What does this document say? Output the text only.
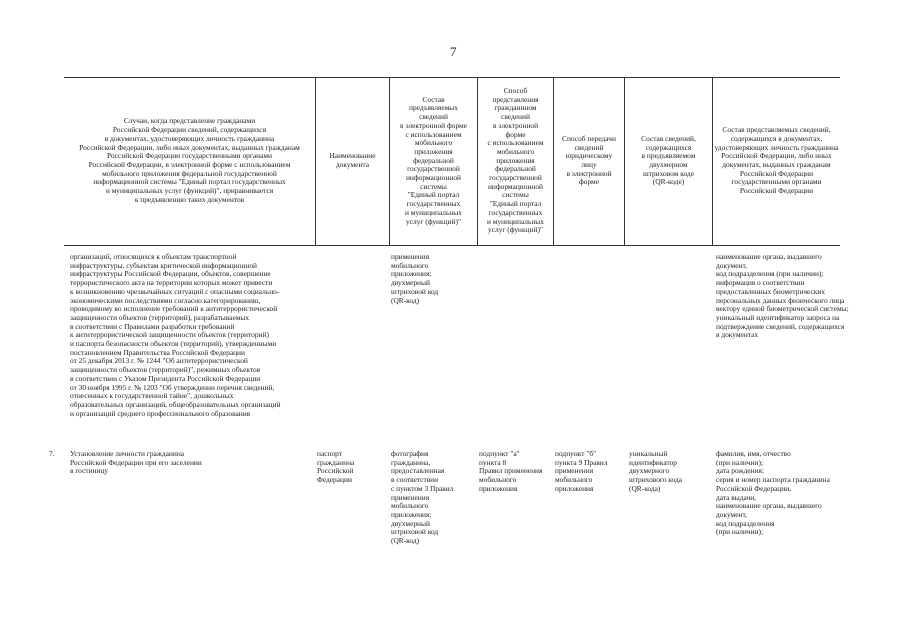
7
Случаи, когда представление гражданами
Российской Федерации сведений, содержащихся
в документах, удостоверяющих личность гражданина
Российской Федерации, либо иных документах, выданных гражданам
Российской Федерации государственными органами
Российской Федерации, в электронной форме с использованием
мобильного приложения федеральной государственной
информационной системы "Единый портал государственных
и муниципальных услуг (функций)", приравнивается
к предъявлению таких документов
Наименование
документа
Состав
предъявляемых
сведений
в электронной форме
с использованием
мобильного
приложения
федеральной
государственной
информационной
системы
"Единый портал
государственных
и муниципальных
услуг (функций)"
Способ
представления
гражданином
сведений
в электронной
форме
с использованием
мобильного
приложения
федеральной
государственной
информационной
системы
"Единый портал
государственных
и муниципальных
услуг (функций)"
Способ передачи
сведений
юридическому
лицу
в электронной
форме
Состав сведений,
содержащихся
в предъявляемом
двухмерном
штриховом коде
(QR-коде)
Состав представляемых сведений,
содержащихся в документах,
удостоверяющих личность гражданина
Российской Федерации, либо иных
документах, выданных гражданам
Российской Федерации
государственными органами
Российской Федерации
организаций, относящихся к объектам транспортной
инфраструктуры, субъектам критической информационной
инфраструктуры Российской Федерации, объектов, совершение
террористического акта на территории которых может привести
к возникновению чрезвычайных ситуаций с опасными социально-
экономическими последствиями согласно категорированию,
проводимому во исполнение требований к антитеррористической
защищенности объектов (территорий), разрабатываемых
в соответствии с Правилами разработки требований
к антитеррористической защищенности объектов (территорий)
и паспорта безопасности объектов (территорий), утвержденными
постановлением Правительства Российской Федерации
от 25 декабря 2013 г. № 1244 "Об антитеррористической
защищенности объектов (территорий)", режимных объектов
в соответствии с Указом Президента Российской Федерации
от 30 ноября 1995 г. № 1203 "Об утверждении перечня сведений,
отнесенных к государственной тайне", дошкольных
образовательных организаций, общеобразовательных организаций
и организаций среднего профессионального образования
применения
мобильного
приложения;
двухмерный
штриховой код
(QR-код)
наименование органа, выдавшего
документ,
код подразделения (при наличии);
информация о соответствии
предоставленных биометрических
персональных данных физического лица
вектору единой биометрической системы;
уникальный идентификатор запроса на
подтверждение сведений, содержащихся
в документах
7. Установление личности гражданина
Российской Федерации при его заселении
в гостиницу
паспорт
гражданина
Российской
Федерации
фотография
гражданина,
предоставленная
в соответствии
с пунктом 3 Правил
применения
мобильного
приложения;
двухмерный
штриховой код
(QR-код)
подпункт "а"
пункта 8
Правил применения
мобильного
приложения
подпункт "б"
пункта 9 Правил
применения
мобильного
приложения
уникальный
идентификатор
двухмерного
штрихового кода
(QR-кода)
фамилия, имя, отчество
(при наличии);
дата рождения;
серия и номер паспорта гражданина
Российской Федерации,
дата выдачи,
наименование органа, выдавшего
документ,
код подразделения
(при наличии);
